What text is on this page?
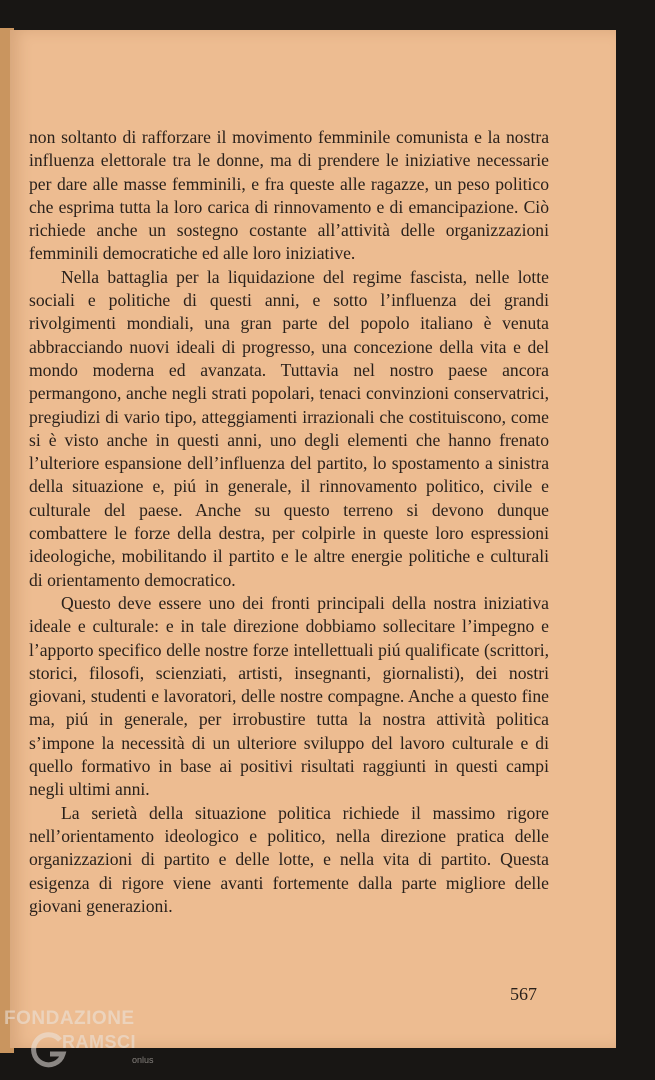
non soltanto di rafforzare il movimento femminile comunista e la nostra influenza elettorale tra le donne, ma di prendere le iniziative necessarie per dare alle masse femminili, e fra queste alle ragazze, un peso politico che esprima tutta la loro carica di rinnovamento e di emancipazione. Ciò richiede anche un sostegno costante all’attività delle organizzazioni femminili democratiche ed alle loro iniziative.

Nella battaglia per la liquidazione del regime fascista, nelle lotte sociali e politiche di questi anni, e sotto l’influenza dei grandi rivolgimenti mondiali, una gran parte del popolo italiano è venuta abbracciando nuovi ideali di progresso, una concezione della vita e del mondo moderna ed avanzata. Tuttavia nel nostro paese ancora permangono, anche negli strati popolari, tenaci convinzioni conservatrici, pregiudizi di vario tipo, atteggiamenti irrazionali che costituiscono, come si è visto anche in questi anni, uno degli elementi che hanno frenato l’ulteriore espansione dell’influenza del partito, lo spostamento a sinistra della situazione e, piú in generale, il rinnovamento politico, civile e culturale del paese. Anche su questo terreno si devono dunque combattere le forze della destra, per colpirle in queste loro espressioni ideologiche, mobilitando il partito e le altre energie politiche e culturali di orientamento democratico.

Questo deve essere uno dei fronti principali della nostra iniziativa ideale e culturale: e in tale direzione dobbiamo sollecitare l’impegno e l’apporto specifico delle nostre forze intellettuali piú qualificate (scrittori, storici, filosofi, scienziati, artisti, insegnanti, giornalisti), dei nostri giovani, studenti e lavoratori, delle nostre compagne. Anche a questo fine ma, piú in generale, per irrobustire tutta la nostra attività politica s’impone la necessità di un ulteriore sviluppo del lavoro culturale e di quello formativo in base ai positivi risultati raggiunti in questi campi negli ultimi anni.

La serietà della situazione politica richiede il massimo rigore nell’orientamento ideologico e politico, nella direzione pratica delle organizzazioni di partito e delle lotte, e nella vita di partito. Questa esigenza di rigore viene avanti fortemente dalla parte migliore delle giovani generazioni.

567
FONDAZIONE
RAMSCI
onlus
